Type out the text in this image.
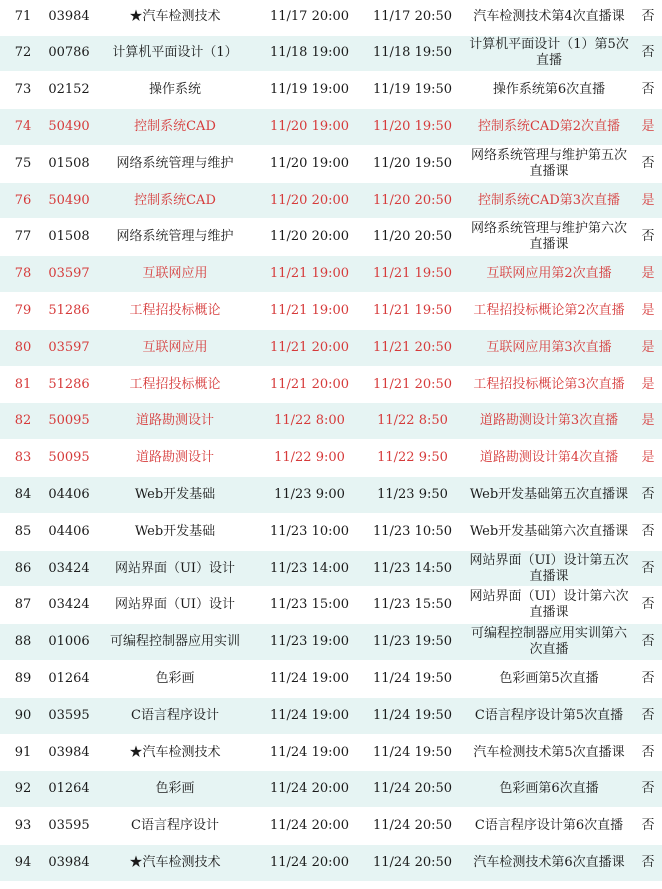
71	03984	★汽车检测技术	11/17 20:00	11/17 20:50	汽车检测技术第4次直播课	否
72	00786	计算机平面设计（1）	11/18 19:00	11/18 19:50	计算机平面设计（1）第5次直播	否
73	02152	操作系统	11/19 19:00	11/19 19:50	操作系统第6次直播	否
74	50490	控制系统CAD	11/20 19:00	11/20 19:50	控制系统CAD第2次直播	是
75	01508	网络系统管理与维护	11/20 19:00	11/20 19:50	网络系统管理与维护第五次直播课	否
76	50490	控制系统CAD	11/20 20:00	11/20 20:50	控制系统CAD第3次直播	是
77	01508	网络系统管理与维护	11/20 20:00	11/20 20:50	网络系统管理与维护第六次直播课	否
78	03597	互联网应用	11/21 19:00	11/21 19:50	互联网应用第2次直播	是
79	51286	工程招投标概论	11/21 19:00	11/21 19:50	工程招投标概论第2次直播	是
80	03597	互联网应用	11/21 20:00	11/21 20:50	互联网应用第3次直播	是
81	51286	工程招投标概论	11/21 20:00	11/21 20:50	工程招投标概论第3次直播	是
82	50095	道路勘测设计	11/22 8:00	11/22 8:50	道路勘测设计第3次直播	是
83	50095	道路勘测设计	11/22 9:00	11/22 9:50	道路勘测设计第4次直播	是
84	04406	Web开发基础	11/23 9:00	11/23 9:50	Web开发基础第五次直播课	否
85	04406	Web开发基础	11/23 10:00	11/23 10:50	Web开发基础第六次直播课	否
86	03424	网站界面（UI）设计	11/23 14:00	11/23 14:50	网站界面（UI）设计第五次直播课	否
87	03424	网站界面（UI）设计	11/23 15:00	11/23 15:50	网站界面（UI）设计第六次直播课	否
88	01006	可编程控制器应用实训	11/23 19:00	11/23 19:50	可编程控制器应用实训第六次直播	否
89	01264	色彩画	11/24 19:00	11/24 19:50	色彩画第5次直播	否
90	03595	C语言程序设计	11/24 19:00	11/24 19:50	C语言程序设计第5次直播	否
91	03984	★汽车检测技术	11/24 19:00	11/24 19:50	汽车检测技术第5次直播课	否
92	01264	色彩画	11/24 20:00	11/24 20:50	色彩画第6次直播	否
93	03595	C语言程序设计	11/24 20:00	11/24 20:50	C语言程序设计第6次直播	否
94	03984	★汽车检测技术	11/24 20:00	11/24 20:50	汽车检测技术第6次直播课	否
